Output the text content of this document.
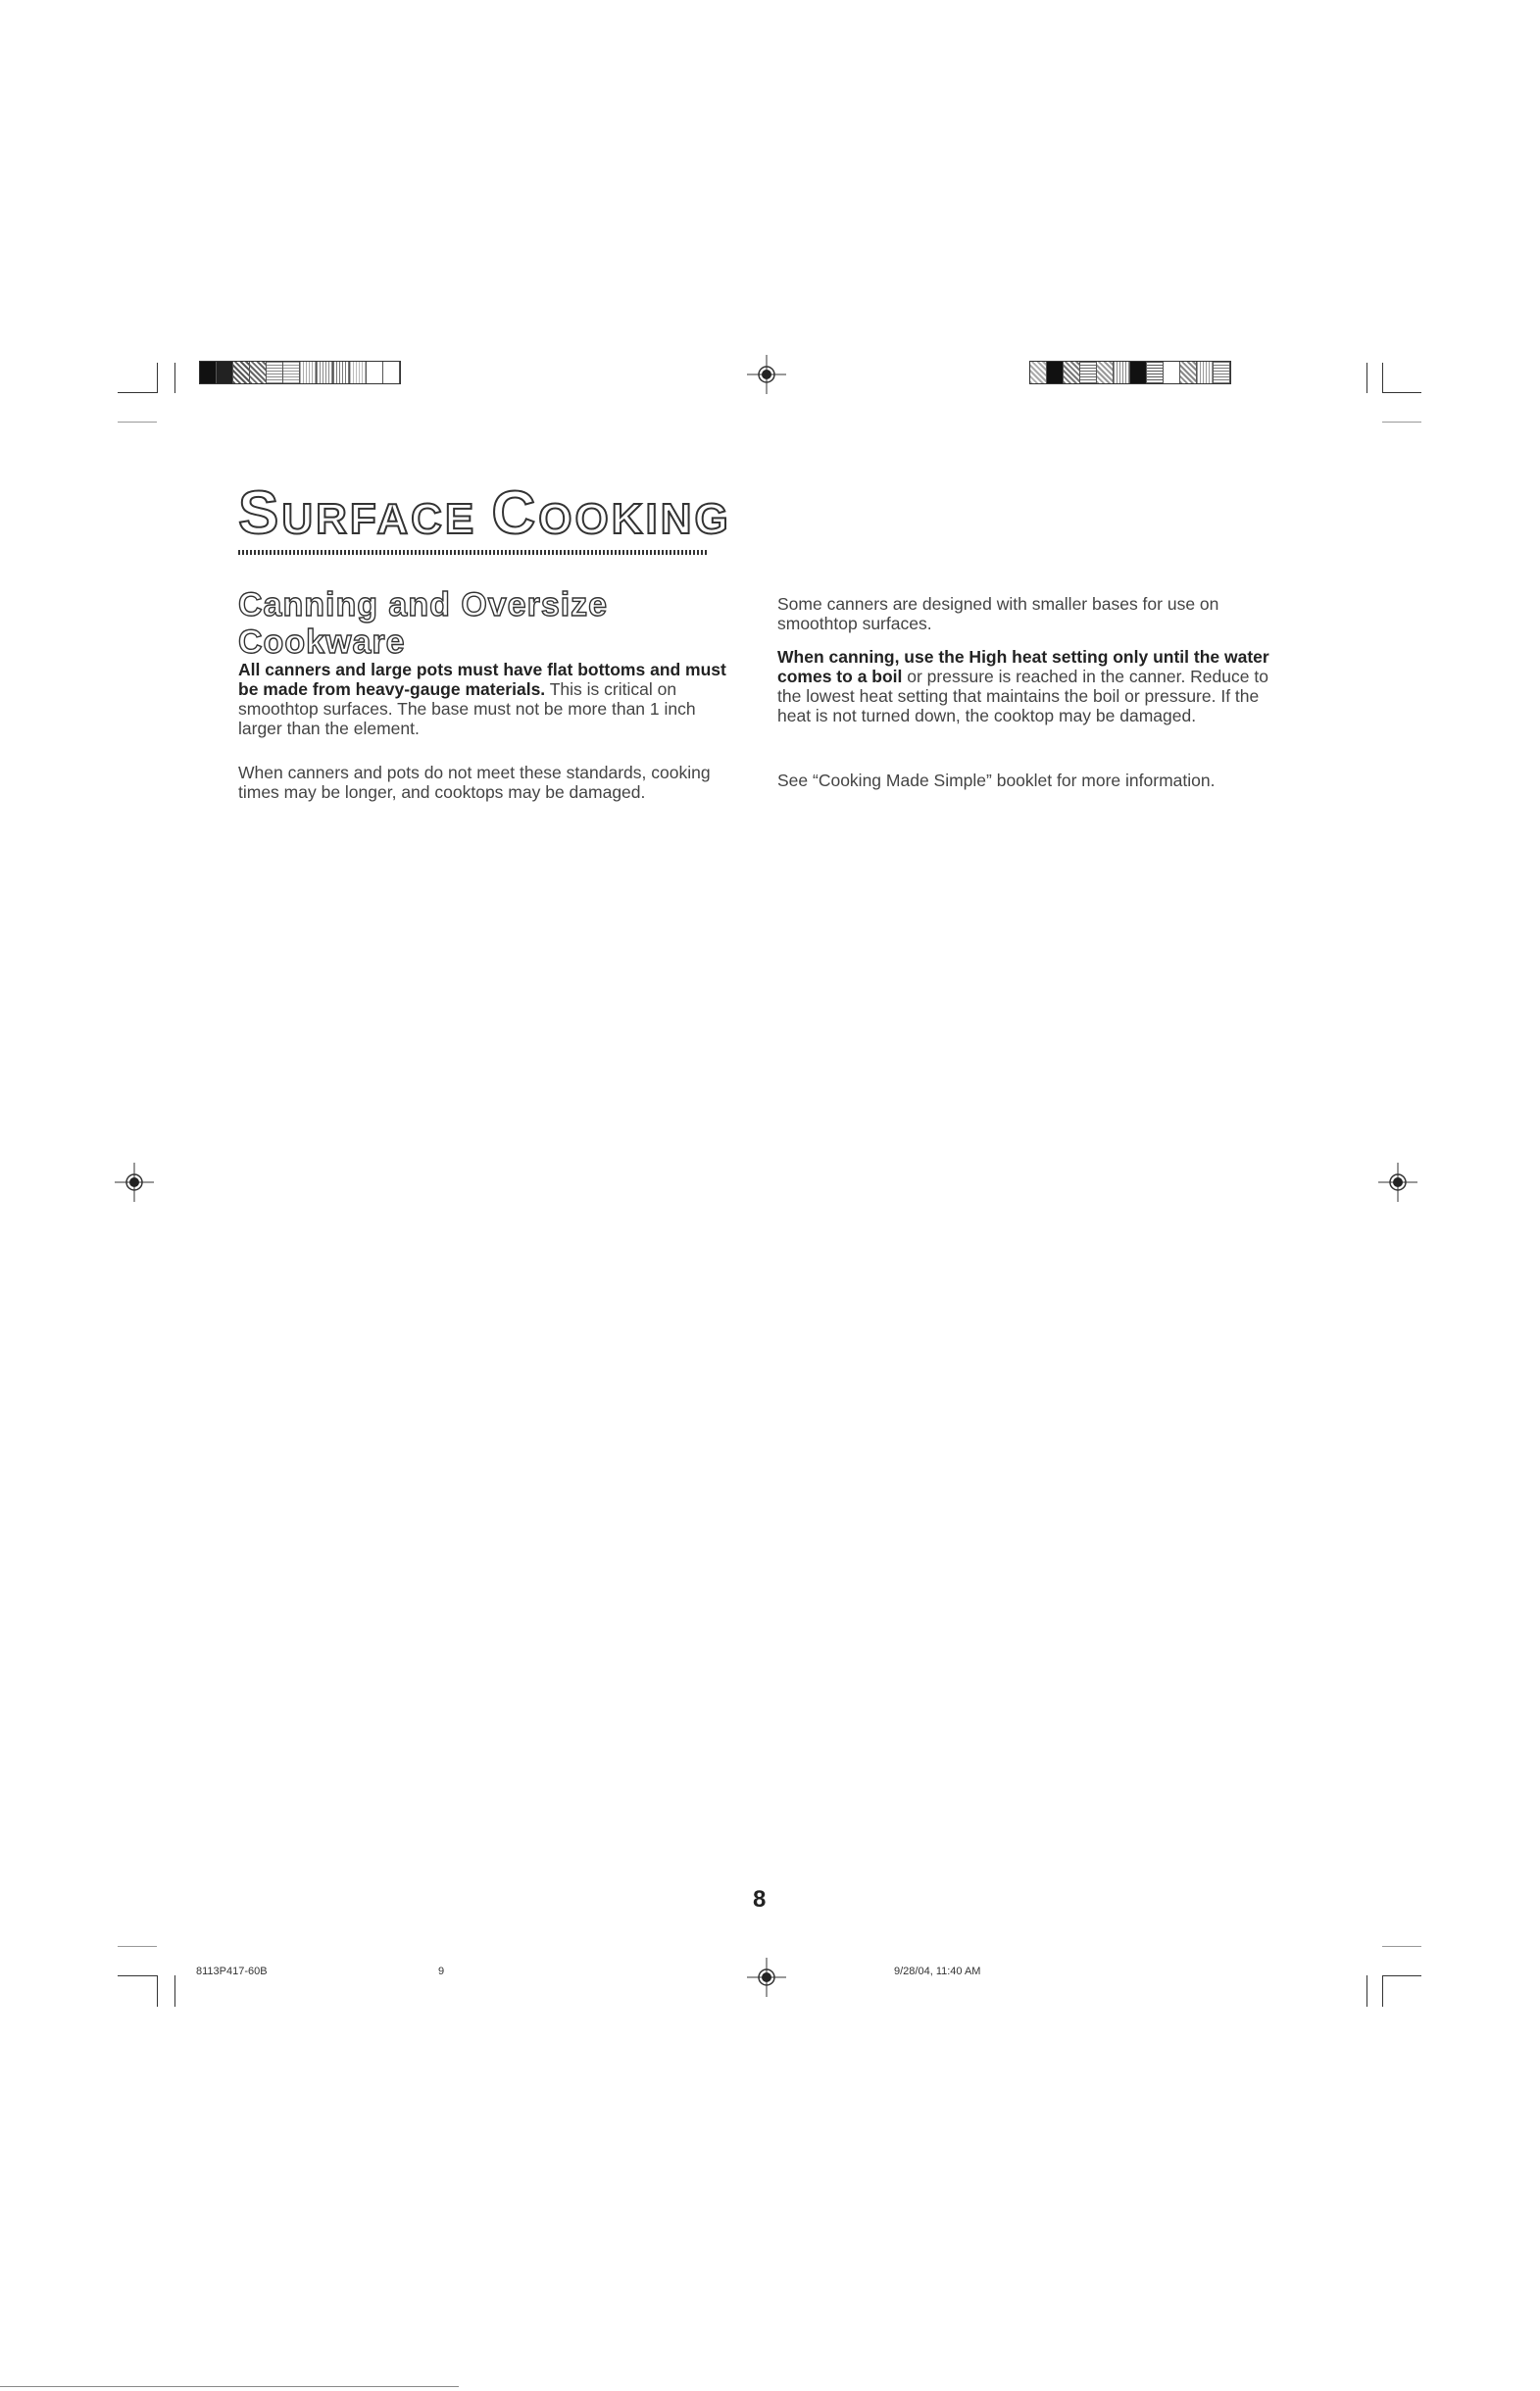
SURFACE COOKING
Canning and Oversize Cookware
All canners and large pots must have flat bottoms and must be made from heavy-gauge materials. This is critical on smoothtop surfaces. The base must not be more than 1 inch larger than the element.
When canners and pots do not meet these standards, cooking times may be longer, and cooktops may be damaged.
Some canners are designed with smaller bases for use on smoothtop surfaces.
When canning, use the High heat setting only until the water comes to a boil or pressure is reached in the canner. Reduce to the lowest heat setting that maintains the boil or pressure. If the heat is not turned down, the cooktop may be damaged.
See “Cooking Made Simple” booklet for more information.
8
8113P417-60B	9	9/28/04, 11:40 AM
